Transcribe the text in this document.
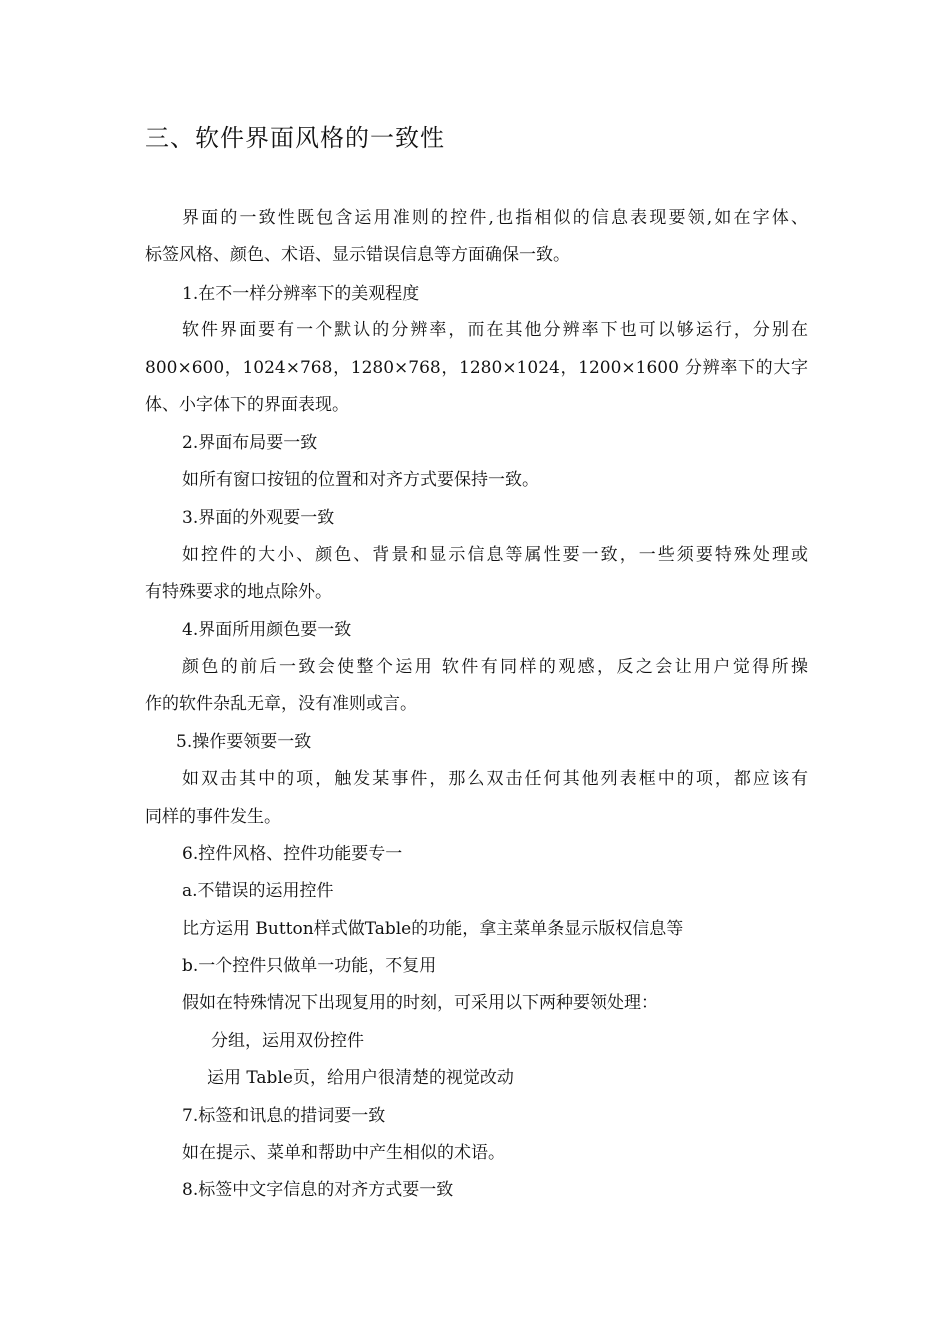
三、软件界面风格的一致性
界面的一致性既包含运用准则的控件,也指相似的信息表现要领,如在字体、
标签风格、颜色、术语、显示错误信息等方面确保一致。
1.在不一样分辨率下的美观程度
软件界面要有一个默认的分辨率，而在其他分辨率下也可以够运行，分别在
800×600，1024×768，1280×768，1280×1024，1200×1600 分辨率下的大字
体、小字体下的界面表现。
2.界面布局要一致
如所有窗口按钮的位置和对齐方式要保持一致。
3.界面的外观要一致
如控件的大小、颜色、背景和显示信息等属性要一致，一些须要特殊处理或
有特殊要求的地点除外。
4.界面所用颜色要一致
颜色的前后一致会使整个运用 软件有同样的观感，反之会让用户觉得所操
作的软件杂乱无章，没有准则或言。
5.操作要领要一致
如双击其中的项，触发某事件，那么双击任何其他列表框中的项，都应该有
同样的事件发生。
6.控件风格、控件功能要专一
a.不错误的运用控件
比方运用 Button样式做Table的功能，拿主菜单条显示版权信息等
b.一个控件只做单一功能，不复用
假如在特殊情况下出现复用的时刻，可采用以下两种要领处理：
分组，运用双份控件
运用 Table页，给用户很清楚的视觉改动
7.标签和讯息的措词要一致
如在提示、菜单和帮助中产生相似的术语。
8.标签中文字信息的对齐方式要一致
